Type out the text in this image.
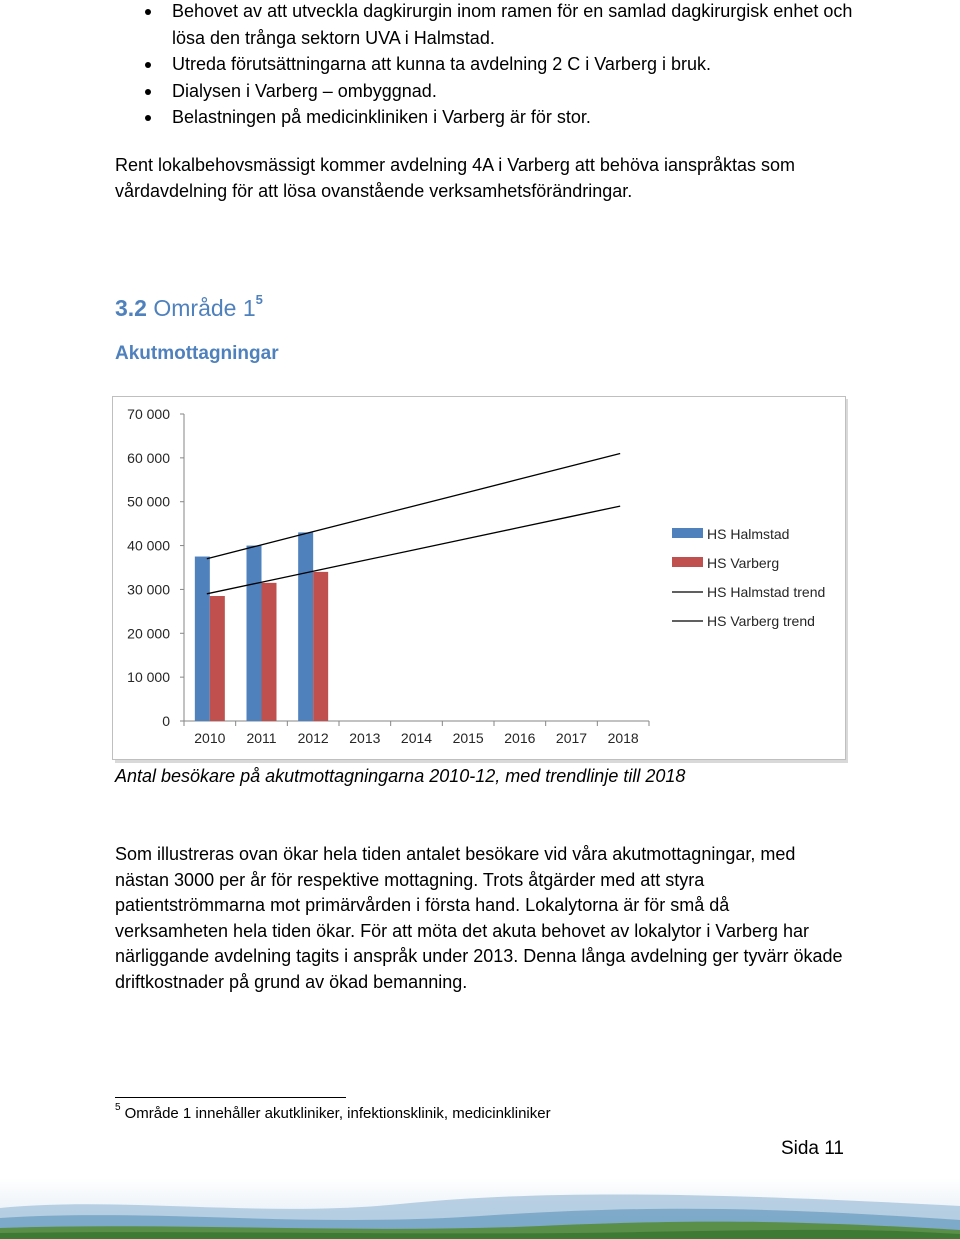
Behovet av att utveckla dagkirurgin inom ramen för en samlad dagkirurgisk enhet och lösa den trånga sektorn UVA i Halmstad.
Utreda förutsättningarna att kunna ta avdelning 2 C i Varberg i bruk.
Dialysen i Varberg – ombyggnad.
Belastningen på medicinkliniken i Varberg är för stor.

Rent lokalbehovsmässigt kommer avdelning 4A i Varberg att behöva ianspråktas som vårdavdelning för att lösa ovanstående verksamhetsförändringar.

3.2 Område $1^5$
Akutmottagningar
70 000
60 000
50 000
40 000
30 000
20 000
10 000
0
2010 2011 2012 2013 2014 2015 2016 2017 2018
HS Halmstad
HS Varberg
HS Halmstad trend
HS Varberg trend

Antal besökare på akutmottagningarna 2010-12, med trendlinje till 2018

Som illustreras ovan ökar hela tiden antalet besökare vid våra akutmottagningar, med nästan 3000 per år för respektive mottagning. Trots åtgärder med att styra patientströmmarna mot primärvården i första hand. Lokalytorna är för små då verksamheten hela tiden ökar. För att möta det akuta behovet av lokalytor i Varberg har närliggande avdelning tagits i anspråk under 2013. Denna långa avdelning ger tyvärr ökade driftkostnader på grund av ökad bemanning.

$^5$ Område 1 innehåller akutkliniker, infektionsklinik, medicinkliniker

Sida 11
